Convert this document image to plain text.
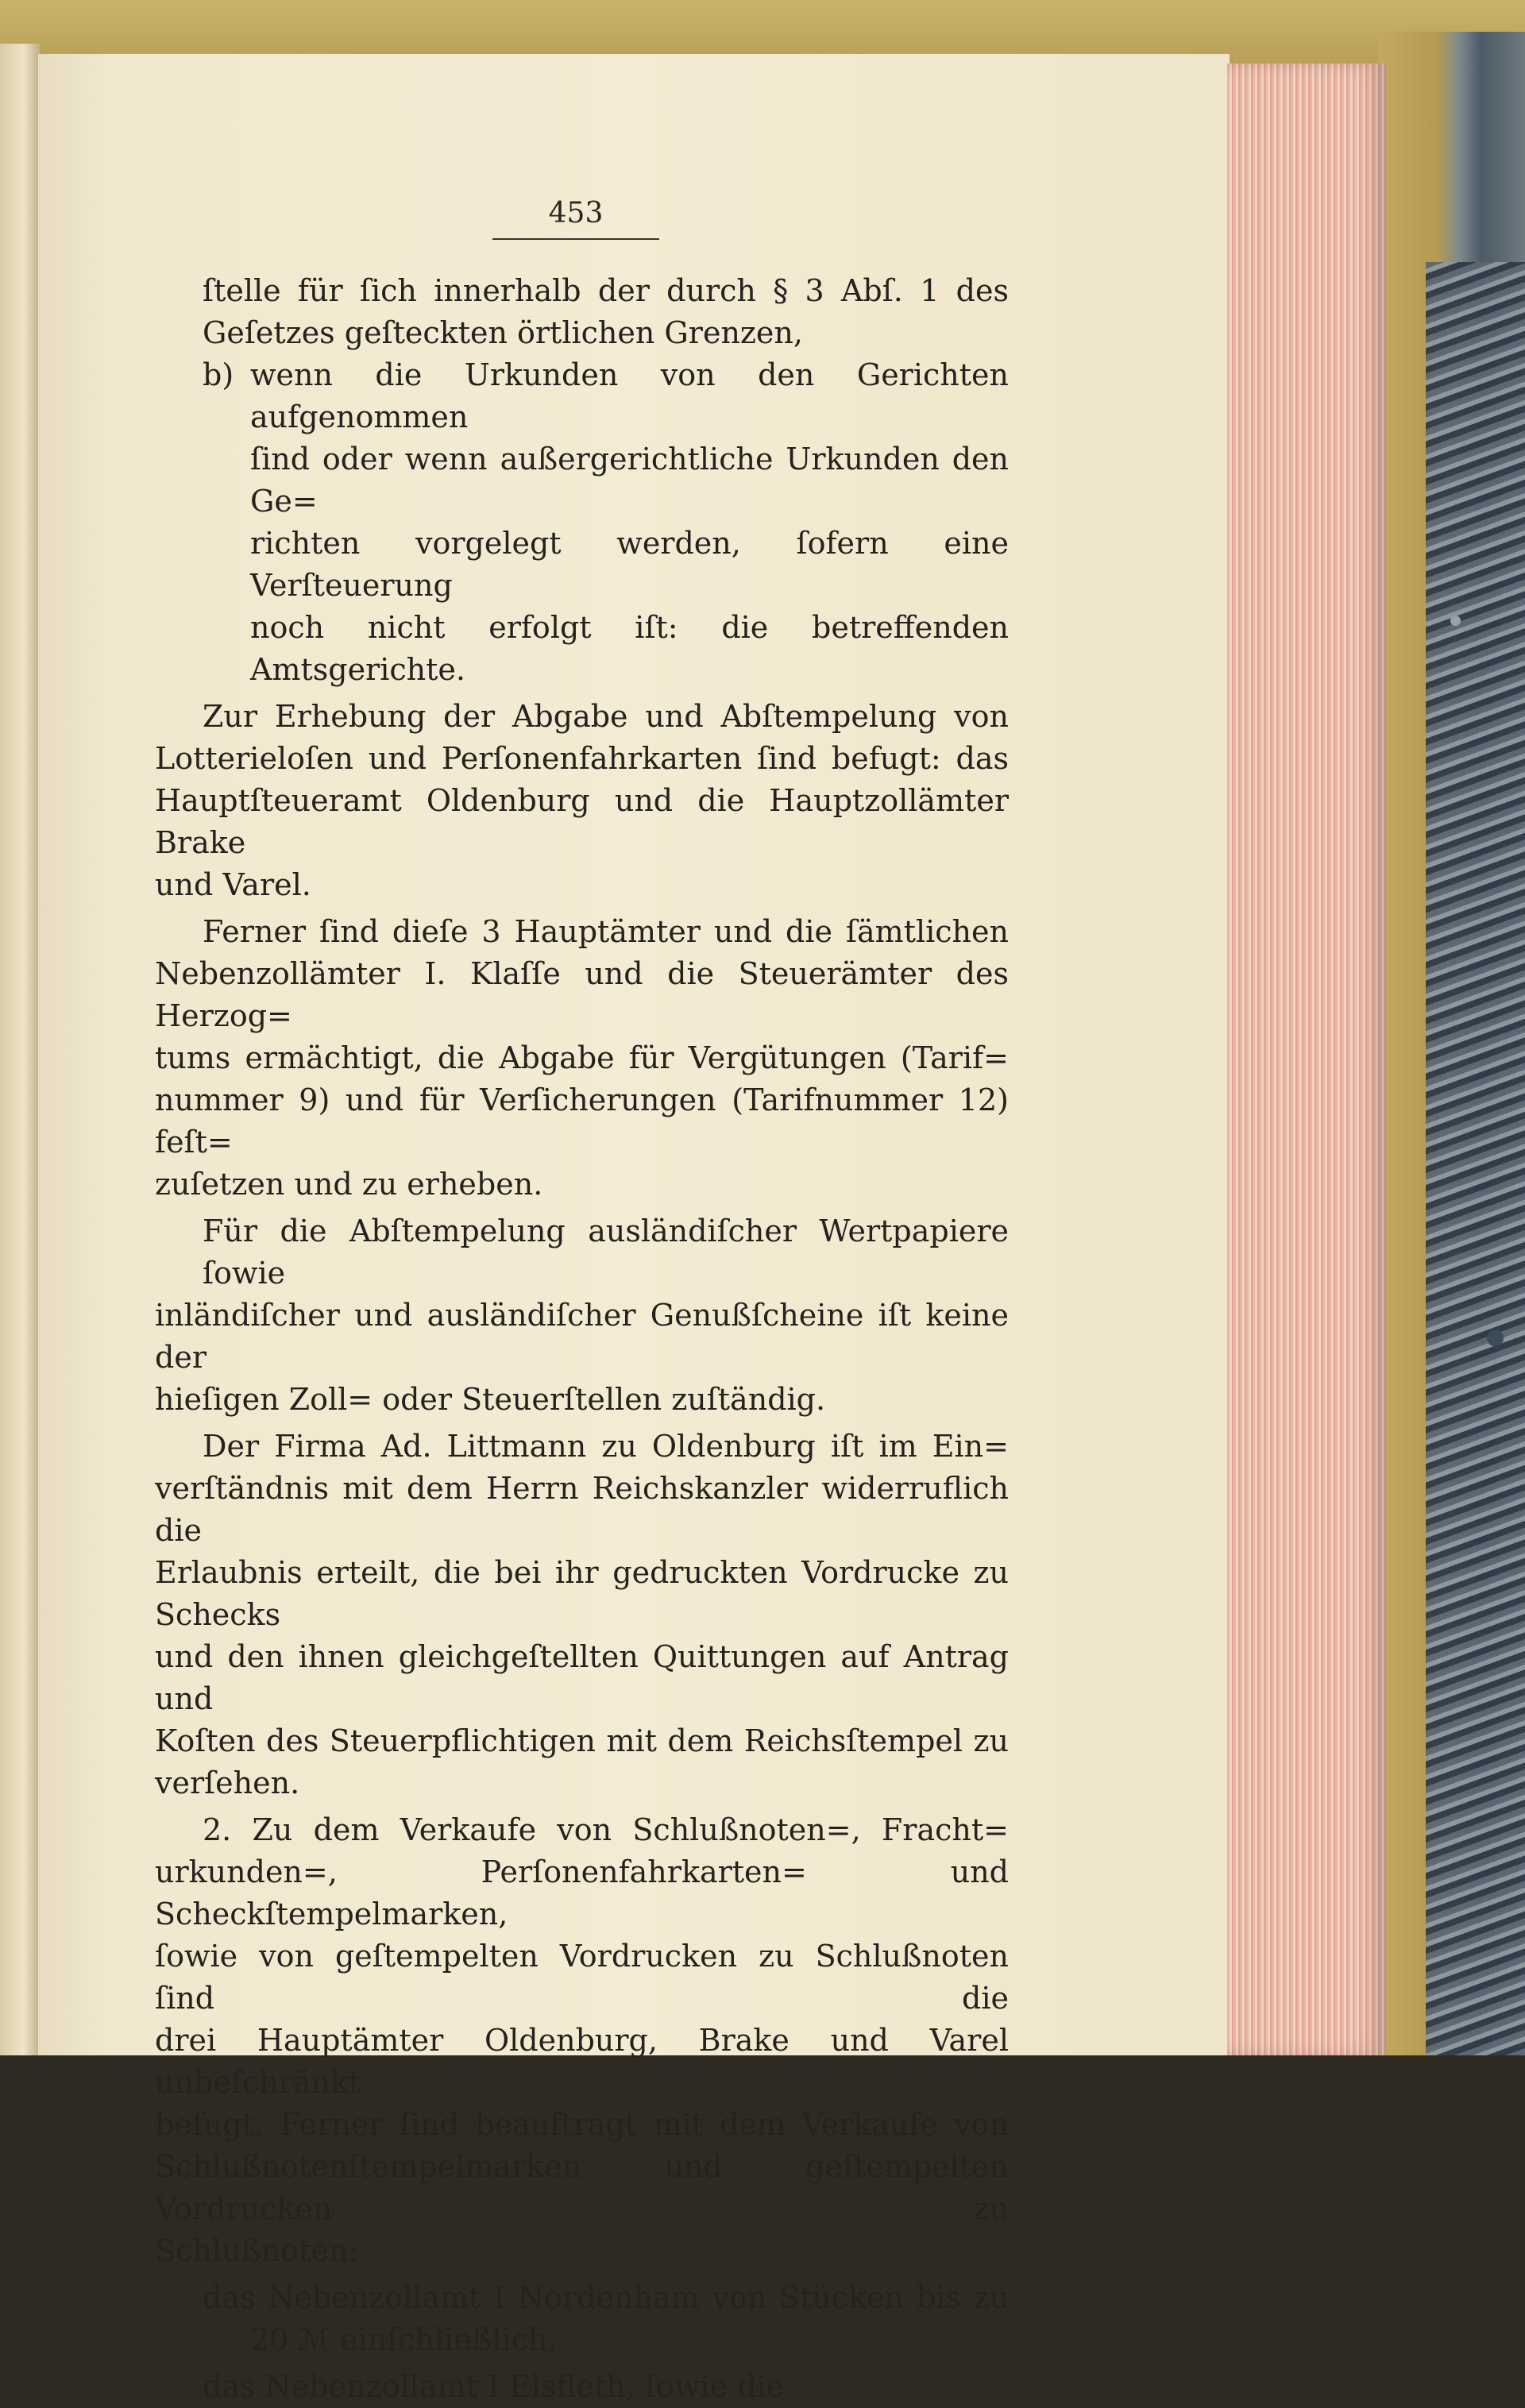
453

ſtelle für ſich innerhalb der durch § 3 Abſ. 1 des

Geſetzes geſteckten örtlichen Grenzen,

b) wenn die Urkunden von den Gerichten aufgenommen

ſind oder wenn außergerichtliche Urkunden den Ge=

richten vorgelegt werden, ſofern eine Verſteuerung

noch nicht erfolgt iſt: die betreffenden Amtsgerichte.

Zur Erhebung der Abgabe und Abſtempelung von

Lotterieloſen und Perſonenfahrkarten ſind befugt: das

Hauptſteueramt Oldenburg und die Hauptzollämter Brake

und Varel.

Ferner ſind dieſe 3 Hauptämter und die ſämtlichen

Nebenzollämter I. Klaſſe und die Steuerämter des Herzog=

tums ermächtigt, die Abgabe für Vergütungen (Tarif=

nummer 9) und für Verſicherungen (Tarifnummer 12) feſt=

zuſetzen und zu erheben.

Für die Abſtempelung ausländiſcher Wertpapiere ſowie

inländiſcher und ausländiſcher Genußſcheine iſt keine der

hieſigen Zoll= oder Steuerſtellen zuſtändig.

Der Firma Ad. Littmann zu Oldenburg iſt im Ein=

verſtändnis mit dem Herrn Reichskanzler widerruflich die

Erlaubnis erteilt, die bei ihr gedruckten Vordrucke zu Schecks

und den ihnen gleichgeſtellten Quittungen auf Antrag und

Koſten des Steuerpflichtigen mit dem Reichsſtempel zu

verſehen.

2. Zu dem Verkaufe von Schlußnoten=, Fracht=

urkunden=, Perſonenfahrkarten= und Scheckſtempelmarken,

ſowie von geſtempelten Vordrucken zu Schlußnoten ſind die

drei Hauptämter Oldenburg, Brake und Varel unbeſchränkt

befugt. Ferner ſind beauftragt mit dem Verkaufe von

Schlußnotenſtempelmarken und geſtempelten Vordrucken zu

Schlußnoten:

das Nebenzollamt I Nordenham von Stücken bis zu

20 ℳ einſchließlich,

das Nebenzollamt I Elsfleth, ſowie die
